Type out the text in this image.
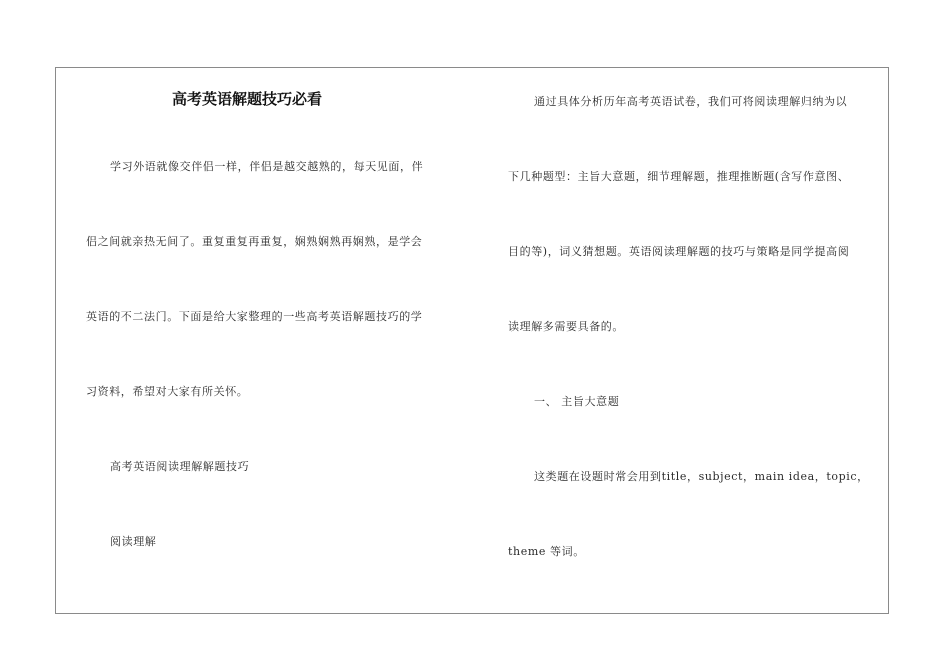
高考英语解题技巧必看
学习外语就像交伴侣一样，伴侣是越交越熟的，每天见面，伴
侣之间就亲热无间了。重复重复再重复，娴熟娴熟再娴熟，是学会
英语的不二法门。下面是给大家整理的一些高考英语解题技巧的学
习资料，希望对大家有所关怀。
高考英语阅读理解解题技巧
阅读理解
通过具体分析历年高考英语试卷，我们可将阅读理解归纳为以
下几种题型：主旨大意题，细节理解题，推理推断题(含写作意图、
目的等)，词义猜想题。英语阅读理解题的技巧与策略是同学提高阅
读理解多需要具备的。
一、 主旨大意题
这类题在设题时常会用到title，subject，main idea，topic，
theme 等词。
